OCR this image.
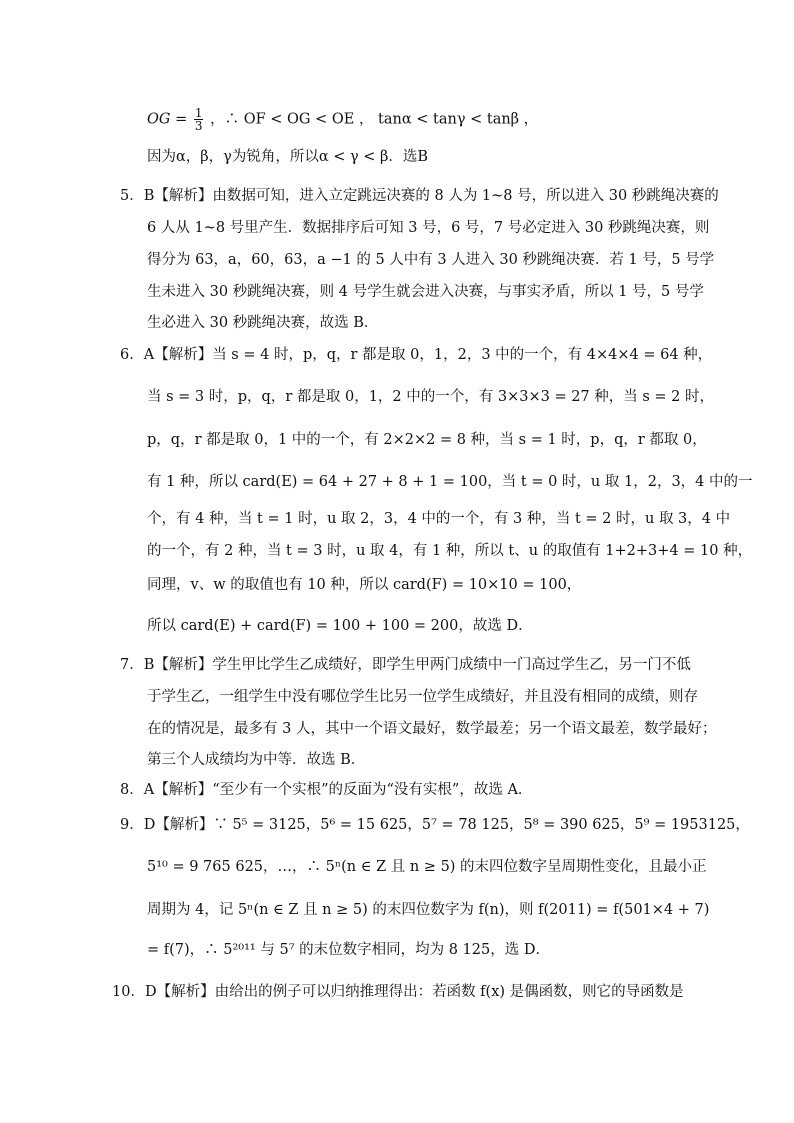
OG = $\frac{1}{3}$ ，∴ OF < OG < OE ， tanα < tanγ < tanβ ，
因为α，β，γ为锐角，所以α < γ < β．选B
5．B【解析】由数据可知，进入立定跳远决赛的 8 人为 1~8 号，所以进入 30 秒跳绳决赛的
6 人从 1~8 号里产生．数据排序后可知 3 号，6 号，7 号必定进入 30 秒跳绳决赛，则
得分为 63，a，60，63，a −1 的 5 人中有 3 人进入 30 秒跳绳决赛．若 1 号，5 号学
生未进入 30 秒跳绳决赛，则 4 号学生就会进入决赛，与事实矛盾，所以 1 号，5 号学
生必进入 30 秒跳绳决赛，故选 B．
6．A【解析】当 s = 4 时，p，q，r 都是取 0，1，2，3 中的一个，有 4×4×4 = 64 种，
当 s = 3 时，p，q，r 都是取 0，1，2 中的一个，有 3×3×3 = 27 种，当 s = 2 时，
p，q，r 都是取 0，1 中的一个，有 2×2×2 = 8 种，当 s = 1 时，p，q，r 都取 0，
有 1 种，所以 card(E) = 64 + 27 + 8 + 1 = 100，当 t = 0 时，u 取 1，2，3，4 中的一
个，有 4 种，当 t = 1 时，u 取 2，3，4 中的一个，有 3 种，当 t = 2 时，u 取 3，4 中
的一个，有 2 种，当 t = 3 时，u 取 4，有 1 种，所以 t、u 的取值有 1+2+3+4 = 10 种，
同理，v、w 的取值也有 10 种，所以 card(F) = 10×10 = 100，
所以 card(E) + card(F) = 100 + 100 = 200，故选 D．
7．B【解析】学生甲比学生乙成绩好，即学生甲两门成绩中一门高过学生乙，另一门不低
于学生乙，一组学生中没有哪位学生比另一位学生成绩好，并且没有相同的成绩，则存
在的情况是，最多有 3 人，其中一个语文最好，数学最差；另一个语文最差，数学最好；
第三个人成绩均为中等．故选 B．
8．A【解析】“至少有一个实根”的反面为“没有实根”，故选 A．
9．D【解析】∵ 5⁵ = 3125，5⁶ = 15 625，5⁷ = 78 125，5⁸ = 390 625，5⁹ = 1953125，
5¹⁰ = 9 765 625，…，∴ 5ⁿ(n ∈ Z 且 n ≥ 5) 的末四位数字呈周期性变化，且最小正
周期为 4，记 5ⁿ(n ∈ Z 且 n ≥ 5) 的末四位数字为 f(n)，则 f(2011) = f(501×4 + 7)
= f(7)，∴ 5²⁰¹¹ 与 5⁷ 的末位数字相同，均为 8 125，选 D．
10．D【解析】由给出的例子可以归纳推理得出：若函数 f(x) 是偶函数，则它的导函数是
